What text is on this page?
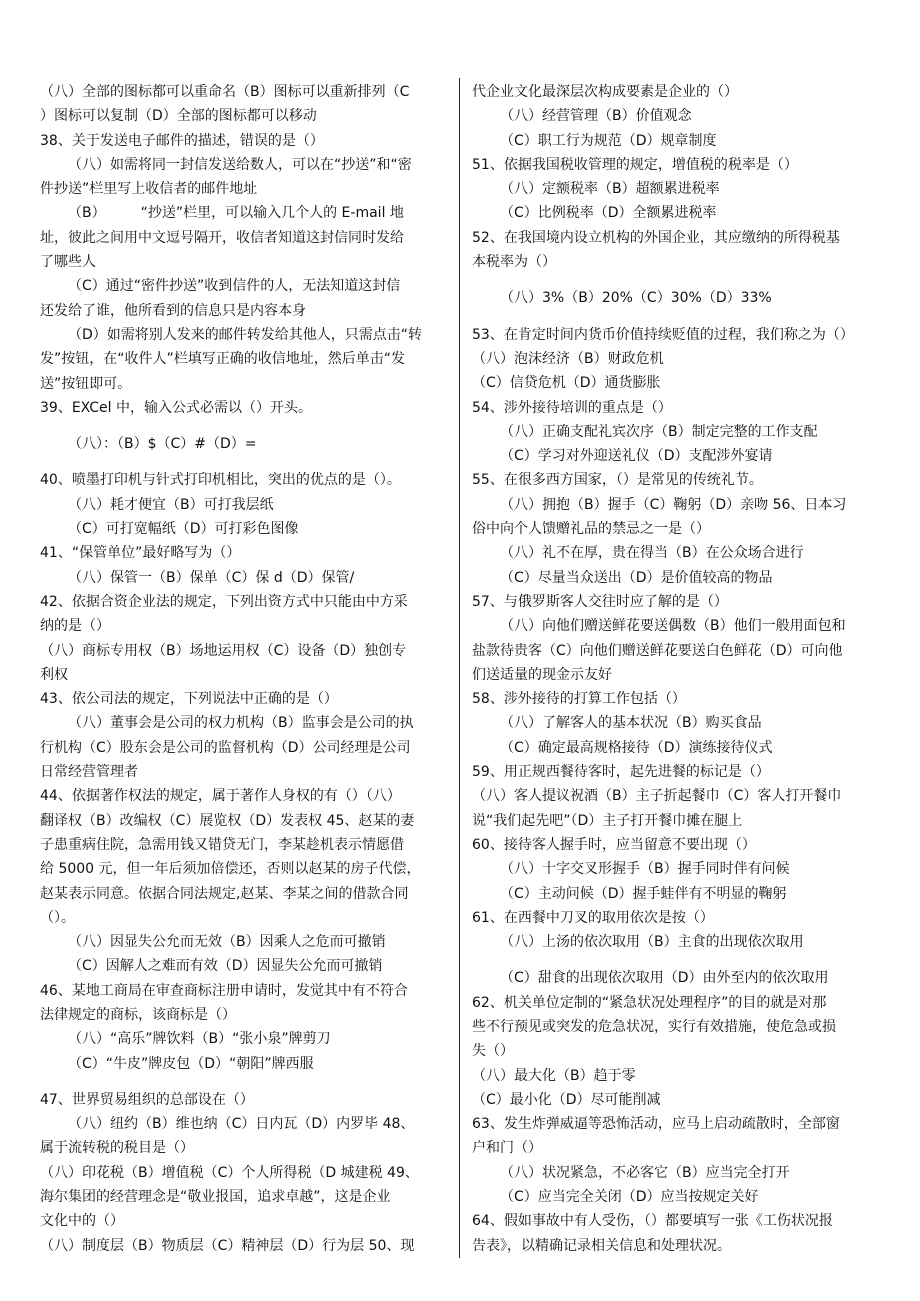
（八）全部的图标都可以重命名（B）图标可以重新排列（C
）图标可以复制（D）全部的图标都可以移动
38、关于发送电子邮件的描述，错误的是（）
（八）如需将同一封信发送给数人，可以在“抄送”和“密
件抄送”栏里写上收信者的邮件地址
（B）　　　“抄送”栏里，可以输入几个人的 E-mail 地
址，彼此之间用中文逗号隔开，收信者知道这封信同时发给
了哪些人
（C）通过“密件抄送”收到信件的人，无法知道这封信
还发给了谁，他所看到的信息只是内容本身
（D）如需将别人发来的邮件转发给其他人，只需点击“转
发”按钮，在“收件人”栏填写正确的收信地址，然后单击“发
送”按钮即可。
39、EXCel 中，输入公式必需以（）开头。
（八）：（B）$（C）#（D）=
40、喷墨打印机与针式打印机相比，突出的优点的是（）。
（八）耗才便宜（B）可打我层纸
（C）可打宽幅纸（D）可打彩色图像
41、“保管单位”最好略写为（）
（八）保管一（B）保单（C）保 d（D）保管/
42、依据合资企业法的规定，下列出资方式中只能由中方采
纳的是（）
（八）商标专用权（B）场地运用权（C）设备（D）独创专
利权
43、依公司法的规定，下列说法中正确的是（）
（八）董事会是公司的权力机构（B）监事会是公司的执
行机构（C）股东会是公司的监督机构（D）公司经理是公司
日常经营管理者
44、依据著作权法的规定，属于著作人身权的有（）（八）
翻译权（B）改编权（C）展览权（D）发表权 45、赵某的妻
子患重病住院，急需用钱又错贷无门，李某趁机表示情愿借
给 5000 元，但一年后须加倍偿还，否则以赵某的房子代偿，
赵某表示同意。依据合同法规定,赵某、李某之间的借款合同
（）。
（八）因显失公允而无效（B）因乘人之危而可撤销
（C）因解人之难而有效（D）因显失公允而可撤销
46、某地工商局在审查商标注册申请时，发觉其中有不符合
法律规定的商标，该商标是（）
（八）“高乐”牌饮料（B）“张小泉”牌剪刀
（C）“牛皮”牌皮包（D）“朝阳”牌西服
47、世界贸易组织的总部设在（）
（八）纽约（B）维也纳（C）日内瓦（D）内罗毕 48、
属于流转税的税目是（）
（八）印花税（B）增值税（C）个人所得税（D 城建税 49、
海尔集团的经营理念是“敬业报国，追求卓越”，这是企业
文化中的（）
（八）制度层（B）物质层（C）精神层（D）行为层 50、现
代企业文化最深层次构成要素是企业的（）
（八）经营管理（B）价值观念
（C）职工行为规范（D）规章制度
51、依据我国税收管理的规定，增值税的税率是（）
（八）定额税率（B）超额累进税率
（C）比例税率（D）全额累进税率
52、在我国境内设立机构的外国企业，其应缴纳的所得税基
本税率为（）
（八）3%（B）20%（C）30%（D）33%
53、在肯定时间内货币价值持续贬值的过程，我们称之为（）
（八）泡沫经济（B）财政危机
（C）信贷危机（D）通货膨胀
54、涉外接待培训的重点是（）
（八）正确支配礼宾次序（B）制定完整的工作支配
（C）学习对外迎送礼仪（D）支配涉外宴请
55、在很多西方国家，（）是常见的传统礼节。
（八）拥抱（B）握手（C）鞠躬（D）亲吻 56、日本习
俗中向个人馈赠礼品的禁忌之一是（）
（八）礼不在厚，贵在得当（B）在公众场合进行
（C）尽量当众送出（D）是价值较高的物品
57、与俄罗斯客人交往时应了解的是（）
（八）向他们赠送鲜花要送偶数（B）他们一般用面包和
盐款待贵客（C）向他们赠送鲜花要送白色鲜花（D）可向他
们送适量的现金示友好
58、涉外接待的打算工作包括（）
（八）了解客人的基本状况（B）购买食品
（C）确定最高规格接待（D）演练接待仪式
59、用正规西餐待客时，起先进餐的标记是（）
（八）客人提议祝酒（B）主子折起餐巾（C）客人打开餐巾
说“我们起先吧”（D）主子打开餐巾摊在腿上
60、接待客人握手时，应当留意不要出现（）
（八）十字交叉形握手（B）握手同时伴有问候
（C）主动问候（D）握手蛙伴有不明显的鞠躬
61、在西餐中刀叉的取用依次是按（）
（八）上汤的依次取用（B）主食的出现依次取用
（C）甜食的出现依次取用（D）由外至内的依次取用
62、机关单位定制的“紧急状况处理程序”的目的就是对那
些不行预见或突发的危急状况，实行有效措施，使危急或损
失（）
（八）最大化（B）趋于零
（C）最小化（D）尽可能削减
63、发生炸弹威逼等恐怖活动，应马上启动疏散时，全部窗
户和门（）
（八）状况紧急，不必客它（B）应当完全打开
（C）应当完全关闭（D）应当按规定关好
64、假如事故中有人受伤，（）都要填写一张《工伤状况报
告表》，以精确记录相关信息和处理状况。
